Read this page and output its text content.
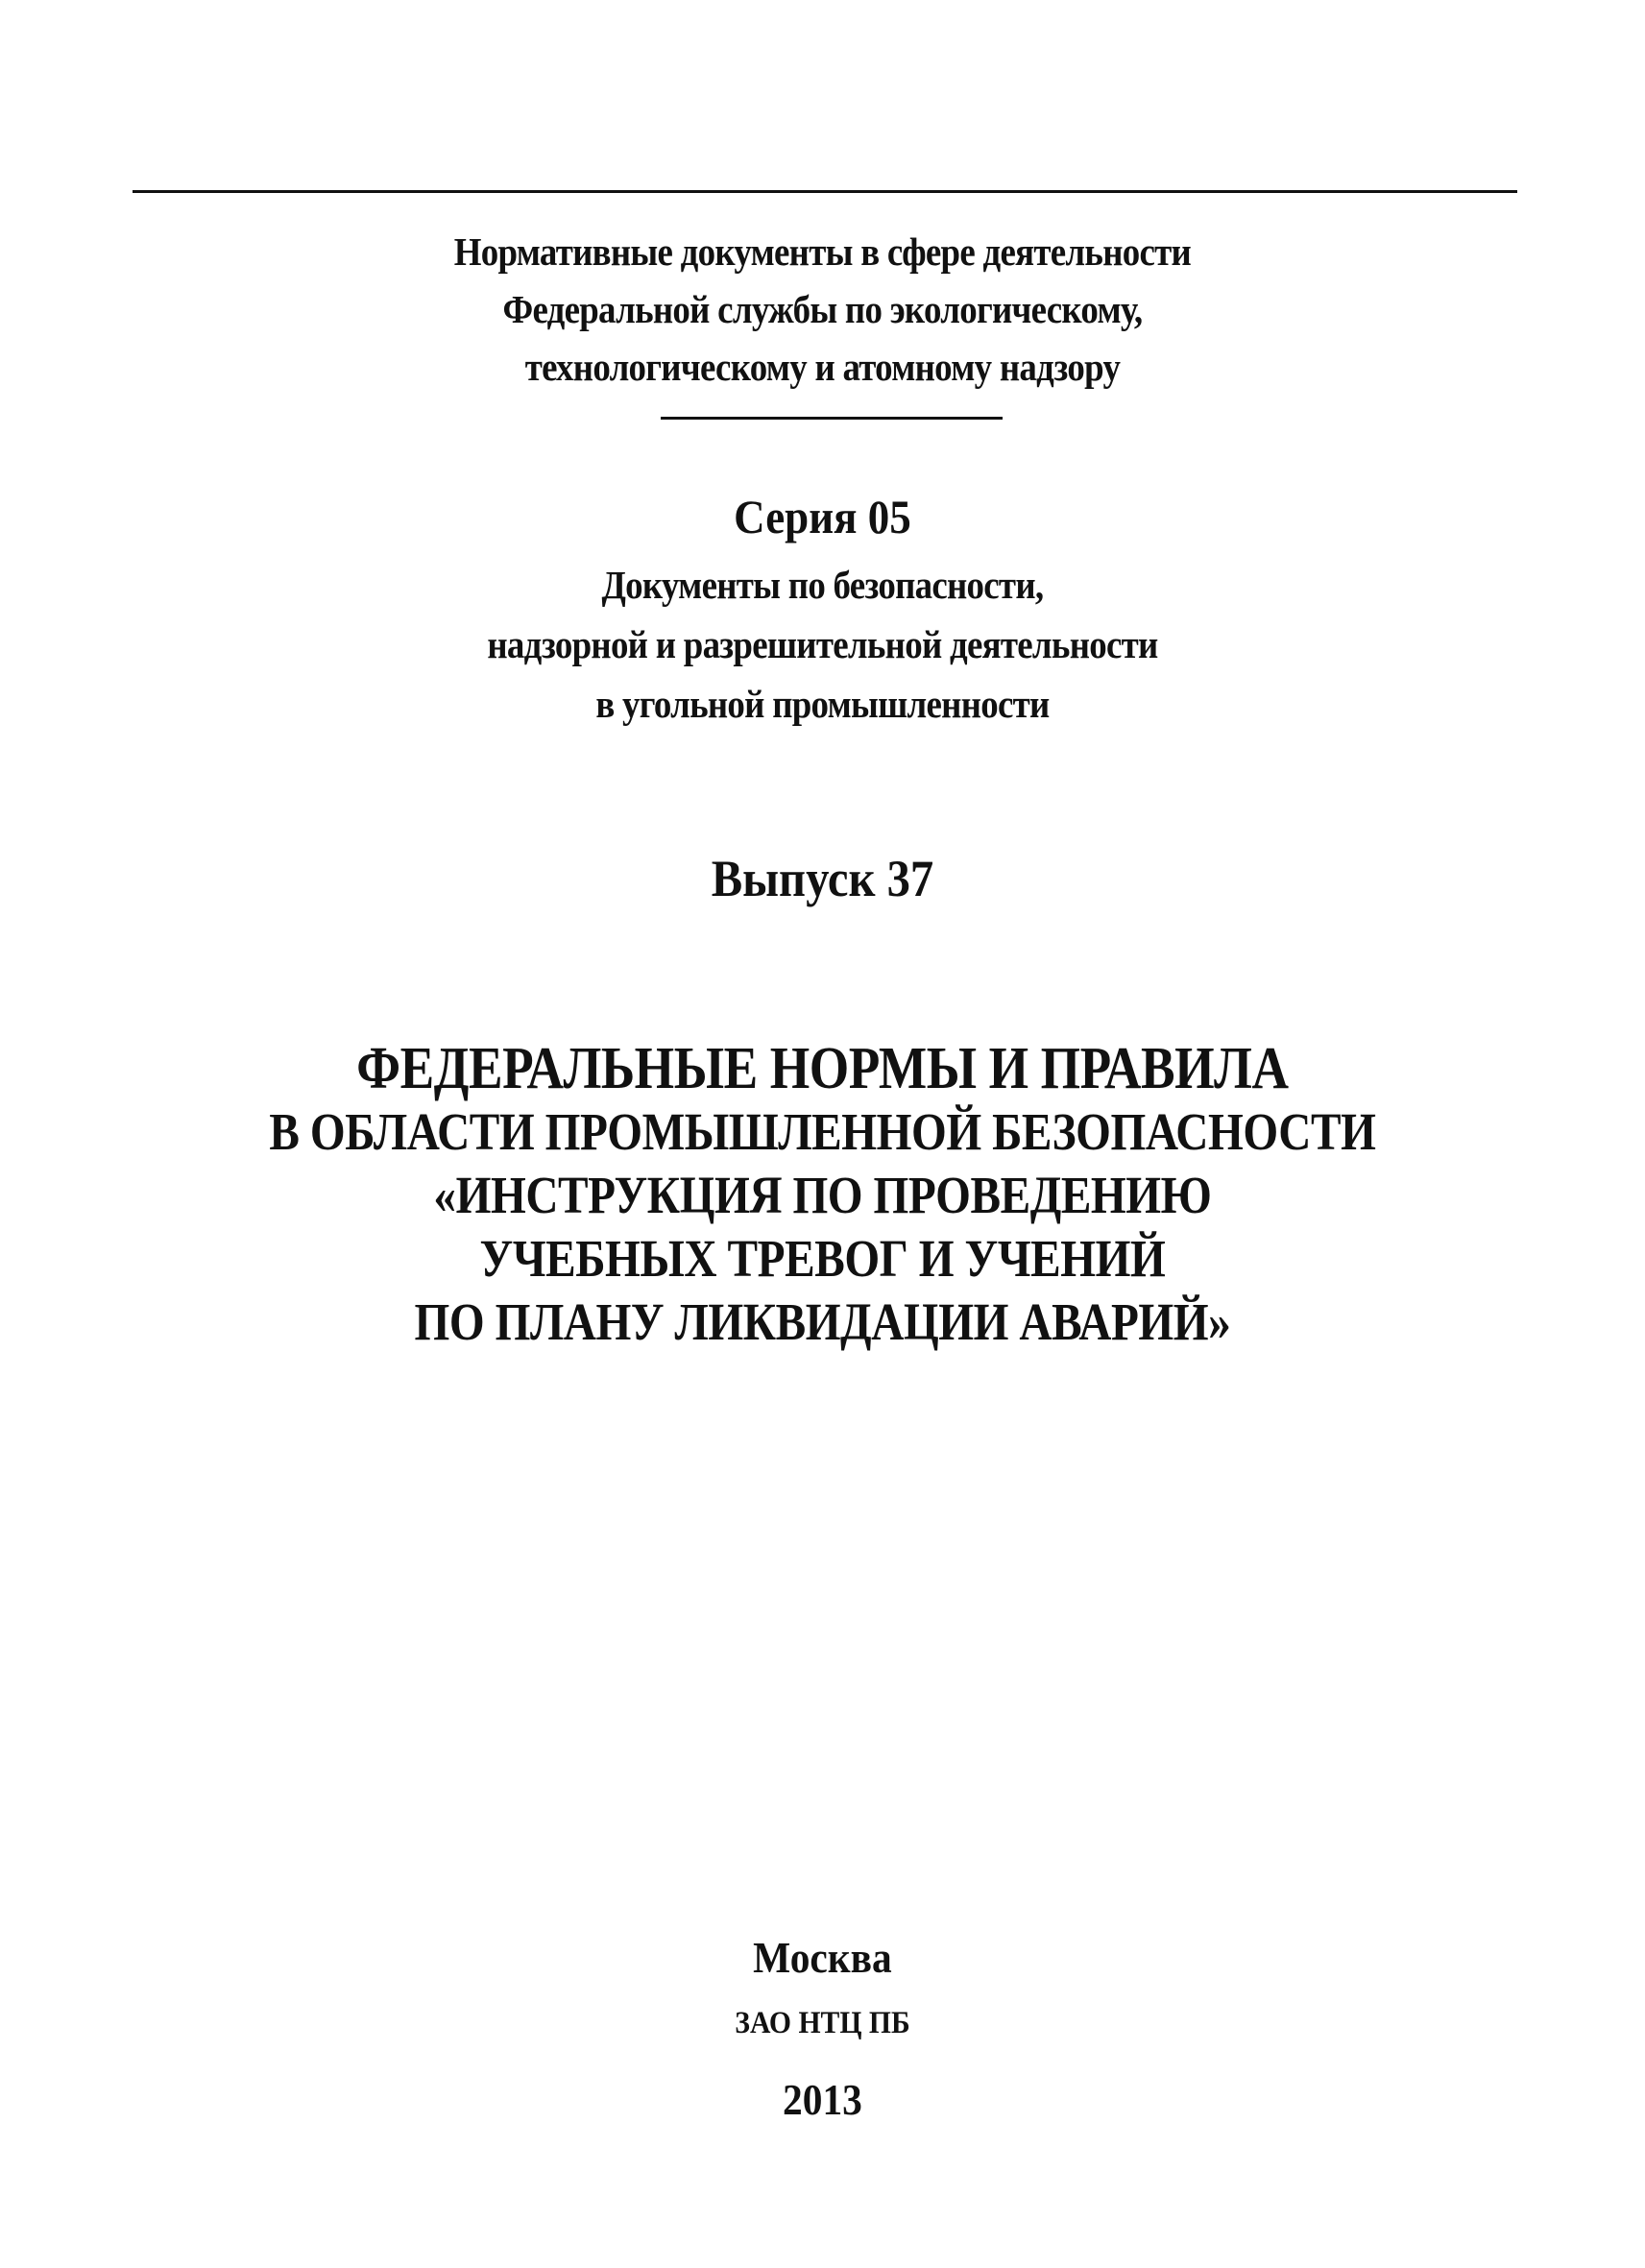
Нормативные документы в сфере деятельности
Федеральной службы по экологическому,
технологическому и атомному надзору
Серия 05
Документы по безопасности,
надзорной и разрешительной деятельности
в угольной промышленности
Выпуск 37
ФЕДЕРАЛЬНЫЕ НОРМЫ И ПРАВИЛА
В ОБЛАСТИ ПРОМЫШЛЕННОЙ БЕЗОПАСНОСТИ
«ИНСТРУКЦИЯ ПО ПРОВЕДЕНИЮ
УЧЕБНЫХ ТРЕВОГ И УЧЕНИЙ
ПО ПЛАНУ ЛИКВИДАЦИИ АВАРИЙ»
Москва
ЗАО НТЦ ПБ
2013
